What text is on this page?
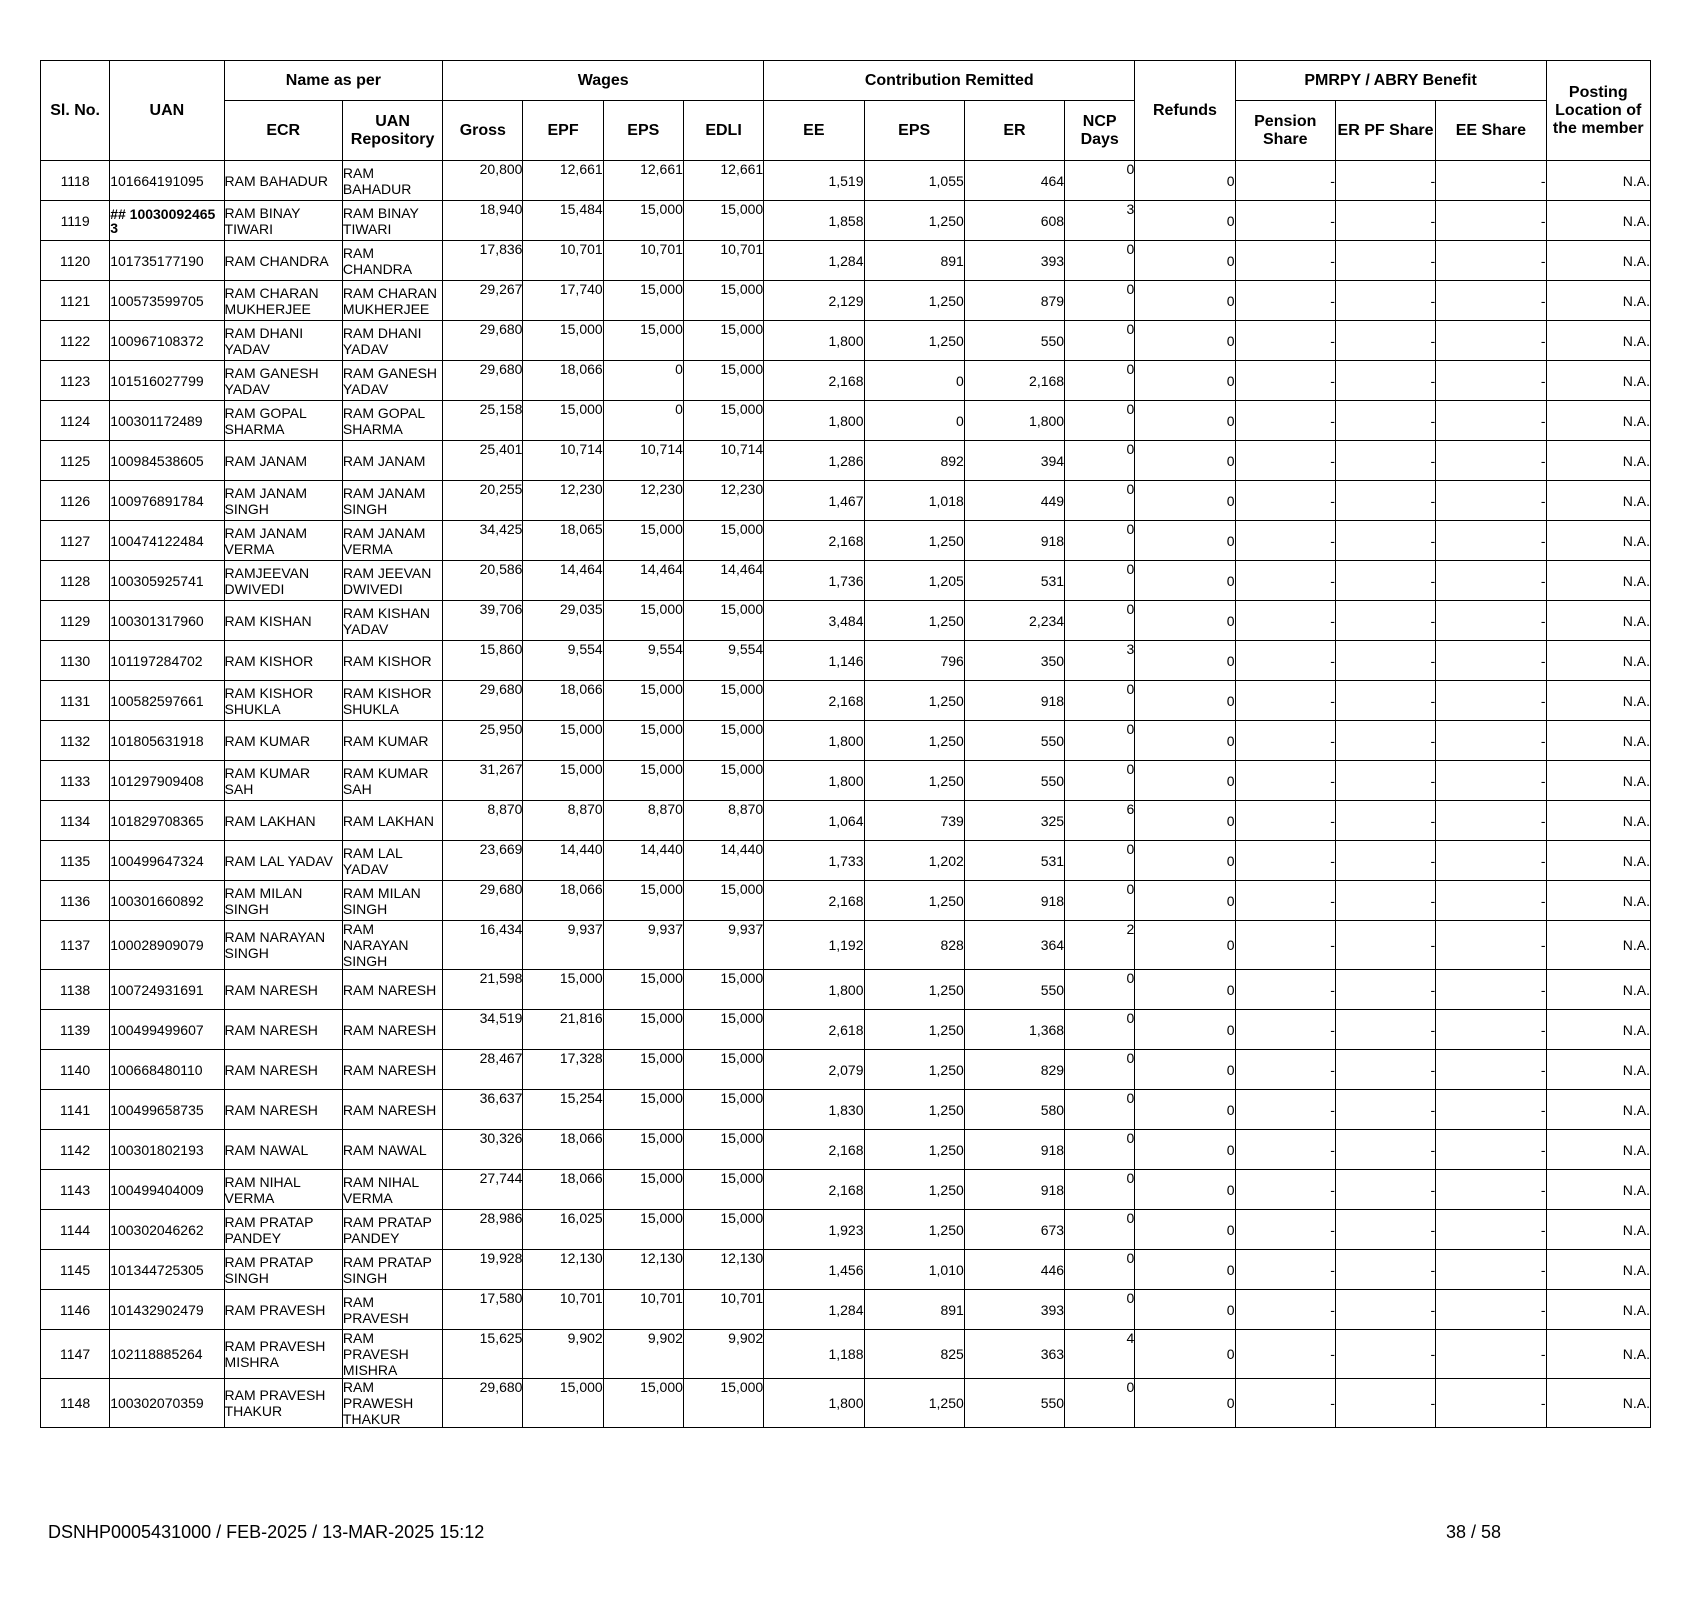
Sl. No.	UAN	Name as per		Wages				Contribution Remitted				Refunds	PMRPY / ABRY Benefit			Posting Location of the member
		ECR	UAN Repository	Gross	EPF	EPS	EDLI	EE	EPS	ER	NCP Days		Pension Share	ER PF Share	EE Share	
1118	101664191095	RAM BAHADUR	RAM BAHADUR	20,800	12,661	12,661	12,661	1,519	1,055	464	0	0	-	-	-	N.A.
1119	## 10030092465 3	RAM BINAY TIWARI	RAM BINAY TIWARI	18,940	15,484	15,000	15,000	1,858	1,250	608	3	0	-	-	-	N.A.
1120	101735177190	RAM CHANDRA	RAM CHANDRA	17,836	10,701	10,701	10,701	1,284	891	393	0	0	-	-	-	N.A.
1121	100573599705	RAM CHARAN MUKHERJEE	RAM CHARAN MUKHERJEE	29,267	17,740	15,000	15,000	2,129	1,250	879	0	0	-	-	-	N.A.
1122	100967108372	RAM DHANI YADAV	RAM DHANI YADAV	29,680	15,000	15,000	15,000	1,800	1,250	550	0	0	-	-	-	N.A.
1123	101516027799	RAM GANESH YADAV	RAM GANESH YADAV	29,680	18,066	0	15,000	2,168	0	2,168	0	0	-	-	-	N.A.
1124	100301172489	RAM GOPAL SHARMA	RAM GOPAL SHARMA	25,158	15,000	0	15,000	1,800	0	1,800	0	0	-	-	-	N.A.
1125	100984538605	RAM JANAM	RAM JANAM	25,401	10,714	10,714	10,714	1,286	892	394	0	0	-	-	-	N.A.
1126	100976891784	RAM JANAM SINGH	RAM JANAM SINGH	20,255	12,230	12,230	12,230	1,467	1,018	449	0	0	-	-	-	N.A.
1127	100474122484	RAM JANAM VERMA	RAM JANAM VERMA	34,425	18,065	15,000	15,000	2,168	1,250	918	0	0	-	-	-	N.A.
1128	100305925741	RAMJEEVAN DWIVEDI	RAM JEEVAN DWIVEDI	20,586	14,464	14,464	14,464	1,736	1,205	531	0	0	-	-	-	N.A.
1129	100301317960	RAM KISHAN	RAM KISHAN YADAV	39,706	29,035	15,000	15,000	3,484	1,250	2,234	0	0	-	-	-	N.A.
1130	101197284702	RAM KISHOR	RAM KISHOR	15,860	9,554	9,554	9,554	1,146	796	350	3	0	-	-	-	N.A.
1131	100582597661	RAM KISHOR SHUKLA	RAM KISHOR SHUKLA	29,680	18,066	15,000	15,000	2,168	1,250	918	0	0	-	-	-	N.A.
1132	101805631918	RAM KUMAR	RAM KUMAR	25,950	15,000	15,000	15,000	1,800	1,250	550	0	0	-	-	-	N.A.
1133	101297909408	RAM KUMAR SAH	RAM KUMAR SAH	31,267	15,000	15,000	15,000	1,800	1,250	550	0	0	-	-	-	N.A.
1134	101829708365	RAM LAKHAN	RAM LAKHAN	8,870	8,870	8,870	8,870	1,064	739	325	6	0	-	-	-	N.A.
1135	100499647324	RAM LAL YADAV	RAM LAL YADAV	23,669	14,440	14,440	14,440	1,733	1,202	531	0	0	-	-	-	N.A.
1136	100301660892	RAM MILAN SINGH	RAM MILAN SINGH	29,680	18,066	15,000	15,000	2,168	1,250	918	0	0	-	-	-	N.A.
1137	100028909079	RAM NARAYAN SINGH	RAM NARAYAN SINGH	16,434	9,937	9,937	9,937	1,192	828	364	2	0	-	-	-	N.A.
1138	100724931691	RAM NARESH	RAM NARESH	21,598	15,000	15,000	15,000	1,800	1,250	550	0	0	-	-	-	N.A.
1139	100499499607	RAM NARESH	RAM NARESH	34,519	21,816	15,000	15,000	2,618	1,250	1,368	0	0	-	-	-	N.A.
1140	100668480110	RAM NARESH	RAM NARESH	28,467	17,328	15,000	15,000	2,079	1,250	829	0	0	-	-	-	N.A.
1141	100499658735	RAM NARESH	RAM NARESH	36,637	15,254	15,000	15,000	1,830	1,250	580	0	0	-	-	-	N.A.
1142	100301802193	RAM NAWAL	RAM NAWAL	30,326	18,066	15,000	15,000	2,168	1,250	918	0	0	-	-	-	N.A.
1143	100499404009	RAM NIHAL VERMA	RAM NIHAL VERMA	27,744	18,066	15,000	15,000	2,168	1,250	918	0	0	-	-	-	N.A.
1144	100302046262	RAM PRATAP PANDEY	RAM PRATAP PANDEY	28,986	16,025	15,000	15,000	1,923	1,250	673	0	0	-	-	-	N.A.
1145	101344725305	RAM PRATAP SINGH	RAM PRATAP SINGH	19,928	12,130	12,130	12,130	1,456	1,010	446	0	0	-	-	-	N.A.
1146	101432902479	RAM PRAVESH	RAM PRAVESH	17,580	10,701	10,701	10,701	1,284	891	393	0	0	-	-	-	N.A.
1147	102118885264	RAM PRAVESH MISHRA	RAM PRAVESH MISHRA	15,625	9,902	9,902	9,902	1,188	825	363	4	0	-	-	-	N.A.
1148	100302070359	RAM PRAVESH THAKUR	RAM PRAWESH THAKUR	29,680	15,000	15,000	15,000	1,800	1,250	550	0	0	-	-	-	N.A.
DSNHP0005431000 / FEB-2025 / 13-MAR-2025 15:12	38 / 58
